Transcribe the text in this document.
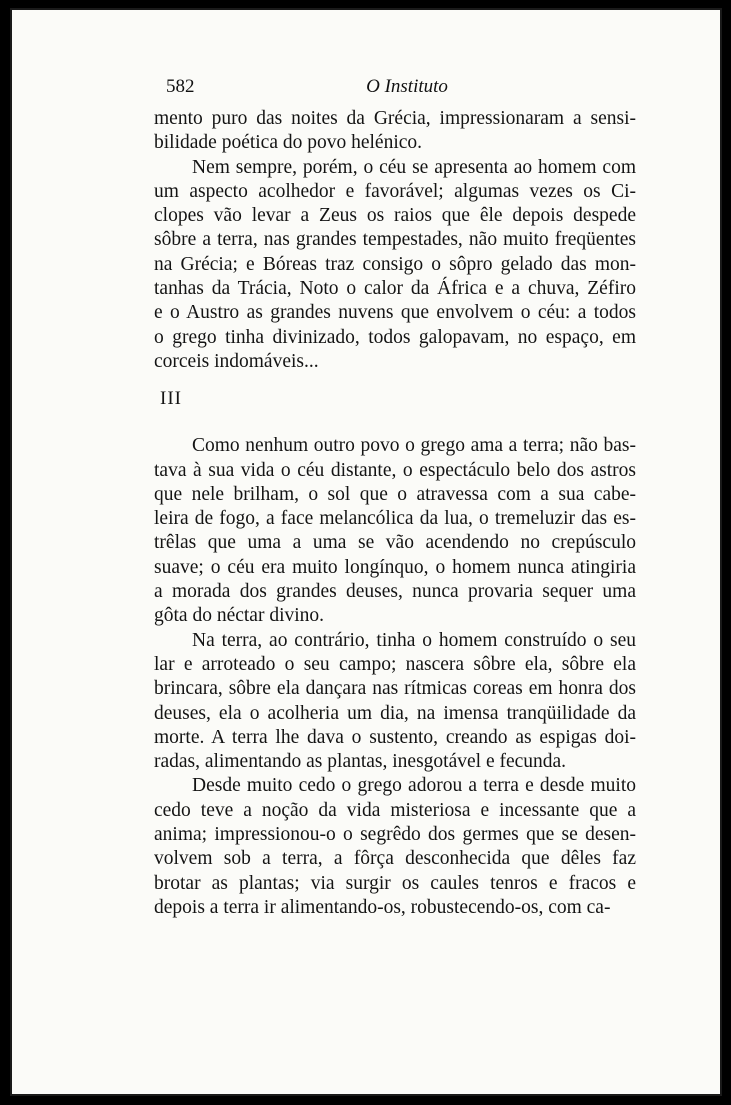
582	O Instituto
mento puro das noites da Grécia, impressionaram a sensi-
bilidade poética do povo helénico.
Nem sempre, porém, o céu se apresenta ao homem com
um aspecto acolhedor e favorável; algumas vezes os Ci-
clopes vão levar a Zeus os raios que êle depois despede
sôbre a terra, nas grandes tempestades, não muito freqüentes
na Grécia; e Bóreas traz consigo o sôpro gelado das mon-
tanhas da Trácia, Noto o calor da África e a chuva, Zéfiro
e o Austro as grandes nuvens que envolvem o céu: a todos
o grego tinha divinizado, todos galopavam, no espaço, em
corceis indomáveis...
III
Como nenhum outro povo o grego ama a terra; não bas-
tava à sua vida o céu distante, o espectáculo belo dos astros
que nele brilham, o sol que o atravessa com a sua cabe-
leira de fogo, a face melancólica da lua, o tremeluzir das es-
trêlas que uma a uma se vão acendendo no crepúsculo
suave; o céu era muito longínquo, o homem nunca atingiria
a morada dos grandes deuses, nunca provaria sequer uma
gôta do néctar divino.
Na terra, ao contrário, tinha o homem construído o seu
lar e arroteado o seu campo; nascera sôbre ela, sôbre ela
brincara, sôbre ela dançara nas rítmicas coreas em honra dos
deuses, ela o acolheria um dia, na imensa tranqüilidade da
morte. A terra lhe dava o sustento, creando as espigas doi-
radas, alimentando as plantas, inesgotável e fecunda.
Desde muito cedo o grego adorou a terra e desde muito
cedo teve a noção da vida misteriosa e incessante que a
anima; impressionou-o o segrêdo dos germes que se desen-
volvem sob a terra, a fôrça desconhecida que dêles faz
brotar as plantas; via surgir os caules tenros e fracos e
depois a terra ir alimentando-os, robustecendo-os, com ca-
